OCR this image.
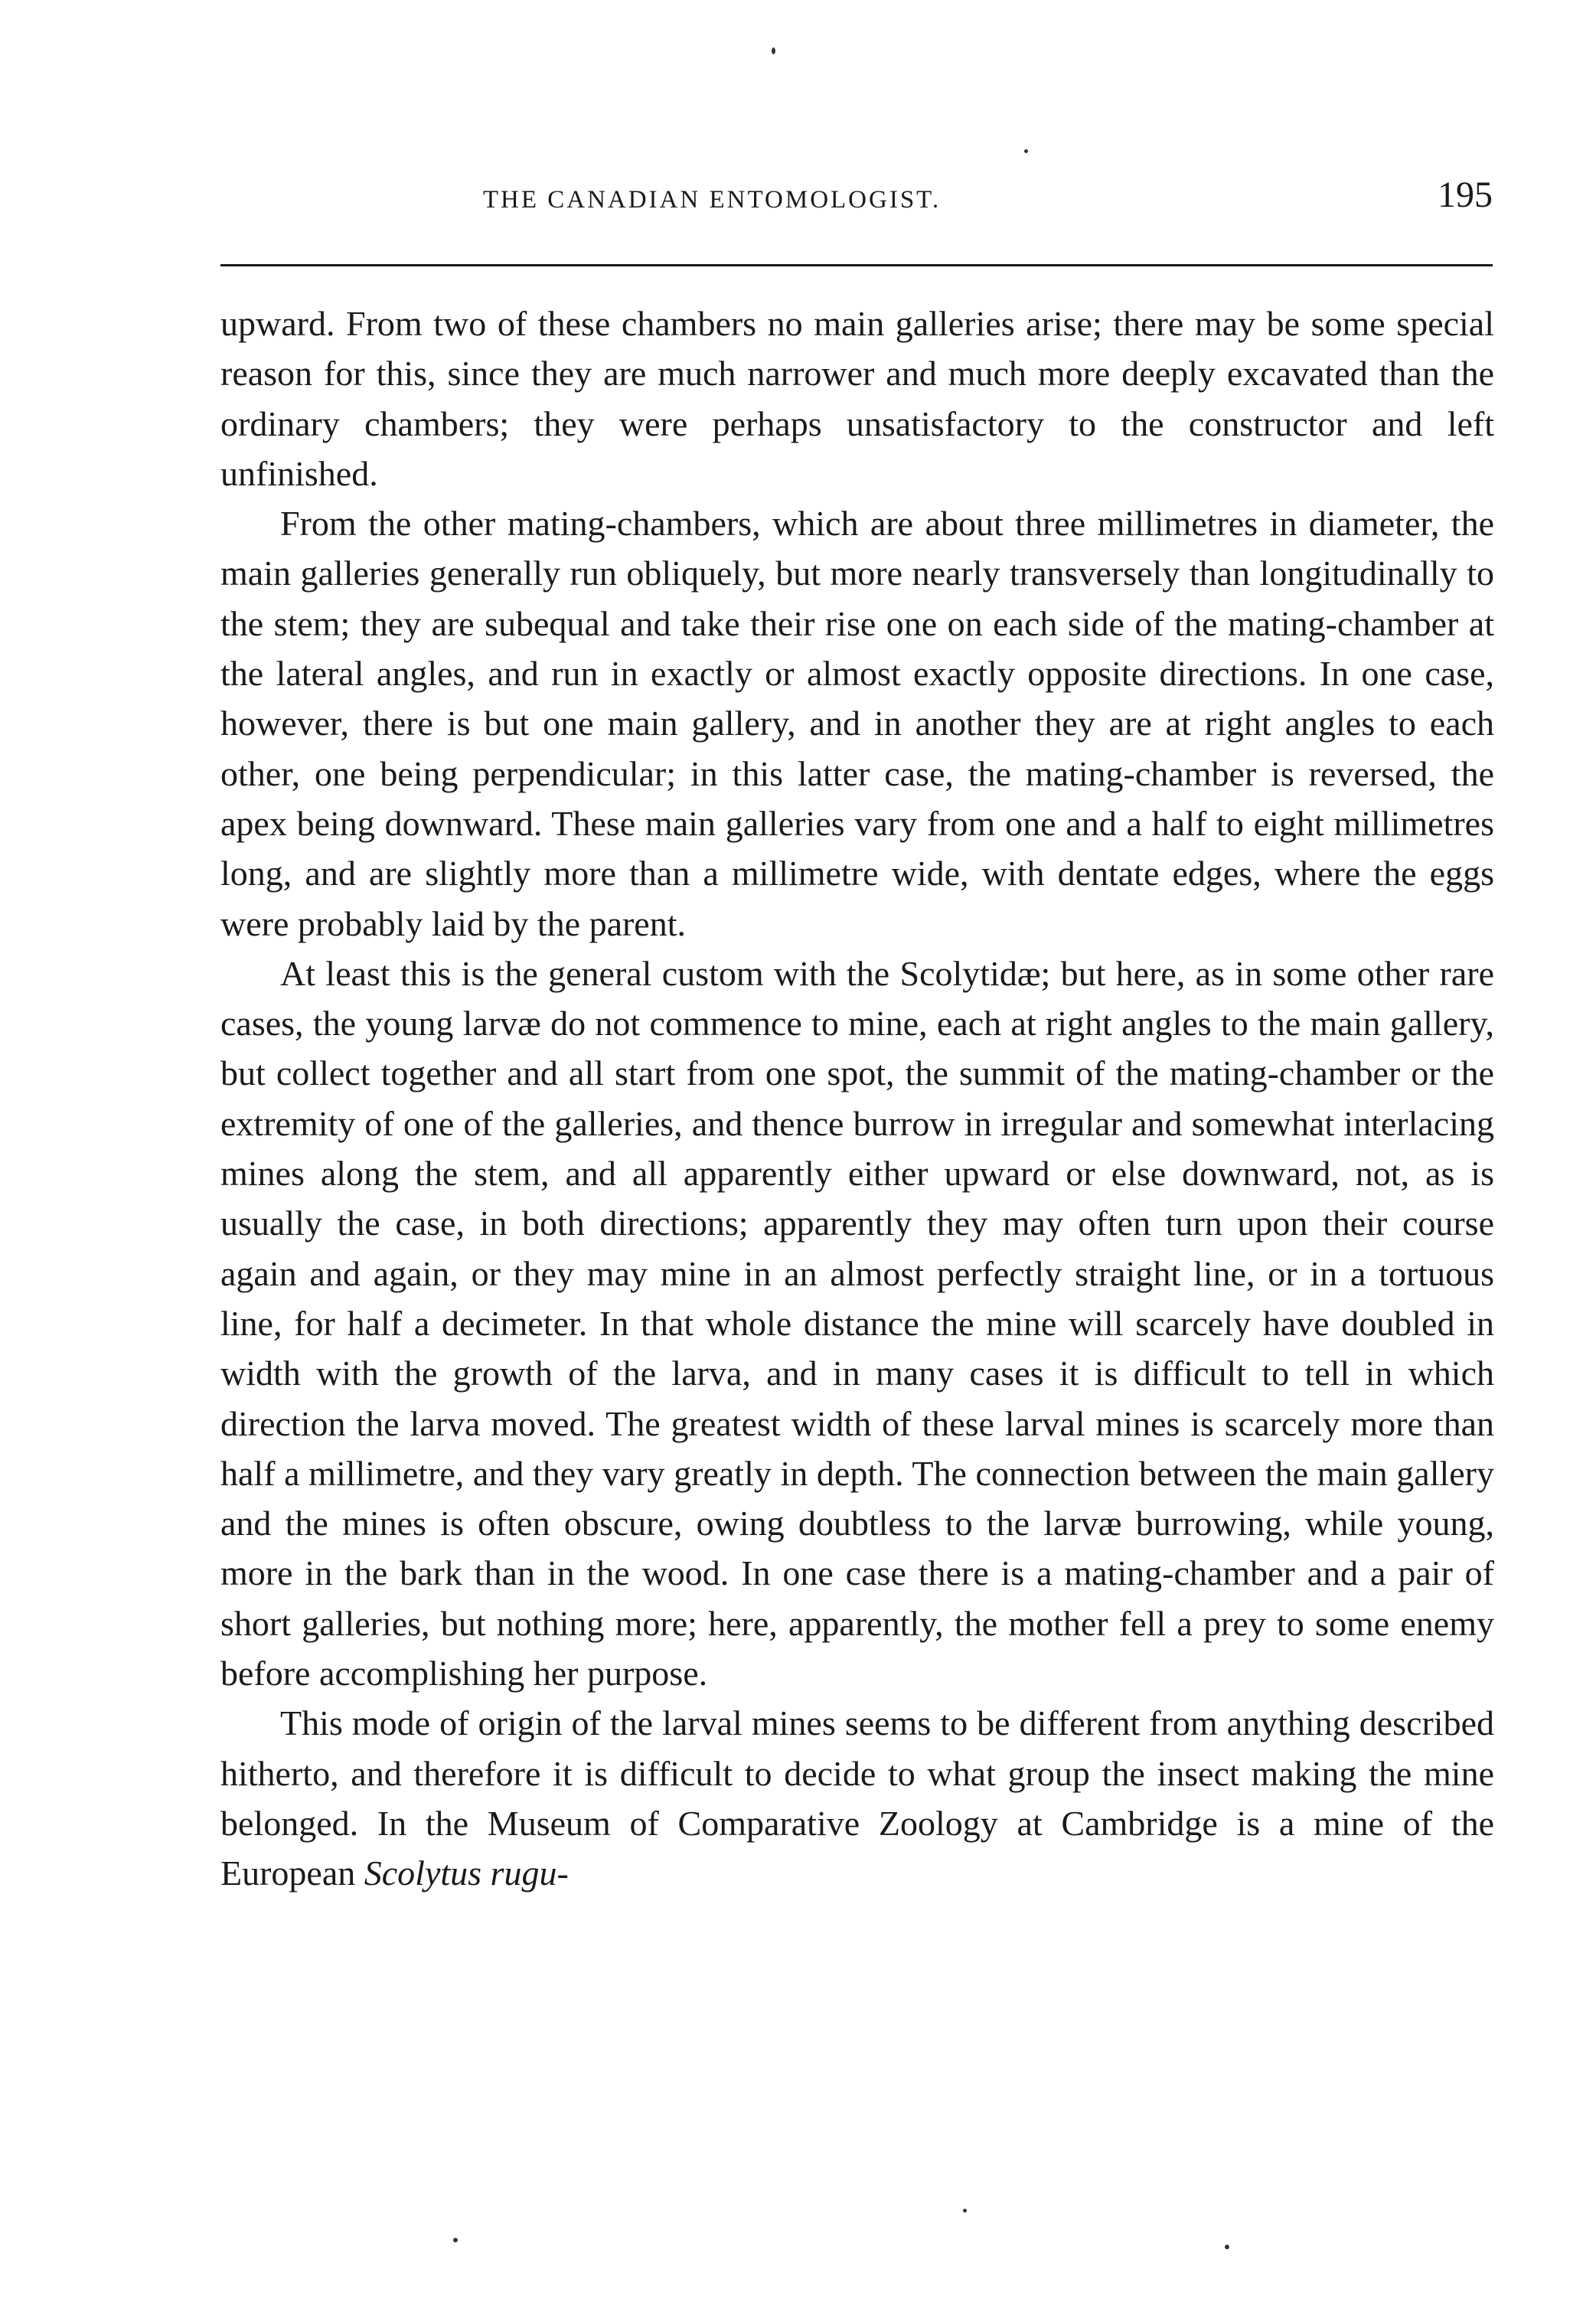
THE CANADIAN ENTOMOLOGIST.	195

upward. From two of these chambers no main galleries arise; there may be some special reason for this, since they are much narrower and much more deeply excavated than the ordinary chambers; they were perhaps unsatisfactory to the constructor and left unfinished.

From the other mating-chambers, which are about three millimetres in diameter, the main galleries generally run obliquely, but more nearly transversely than longitudinally to the stem; they are subequal and take their rise one on each side of the mating-chamber at the lateral angles, and run in exactly or almost exactly opposite directions. In one case, however, there is but one main gallery, and in another they are at right angles to each other, one being perpendicular; in this latter case, the mating-chamber is reversed, the apex being downward. These main galleries vary from one and a half to eight millimetres long, and are slightly more than a millimetre wide, with dentate edges, where the eggs were probably laid by the parent.

At least this is the general custom with the Scolytidæ; but here, as in some other rare cases, the young larvæ do not commence to mine, each at right angles to the main gallery, but collect together and all start from one spot, the summit of the mating-chamber or the extremity of one of the galleries, and thence burrow in irregular and somewhat interlacing mines along the stem, and all apparently either upward or else downward, not, as is usually the case, in both directions; apparently they may often turn upon their course again and again, or they may mine in an almost perfectly straight line, or in a tortuous line, for half a decimeter. In that whole distance the mine will scarcely have doubled in width with the growth of the larva, and in many cases it is difficult to tell in which direction the larva moved. The greatest width of these larval mines is scarcely more than half a millimetre, and they vary greatly in depth. The connection between the main gallery and the mines is often obscure, owing doubtless to the larvæ burrowing, while young, more in the bark than in the wood. In one case there is a mating-chamber and a pair of short galleries, but nothing more; here, apparently, the mother fell a prey to some enemy before accomplishing her purpose.

This mode of origin of the larval mines seems to be different from anything described hitherto, and therefore it is difficult to decide to what group the insect making the mine belonged. In the Museum of Comparative Zoology at Cambridge is a mine of the European Scolytus rugu-
